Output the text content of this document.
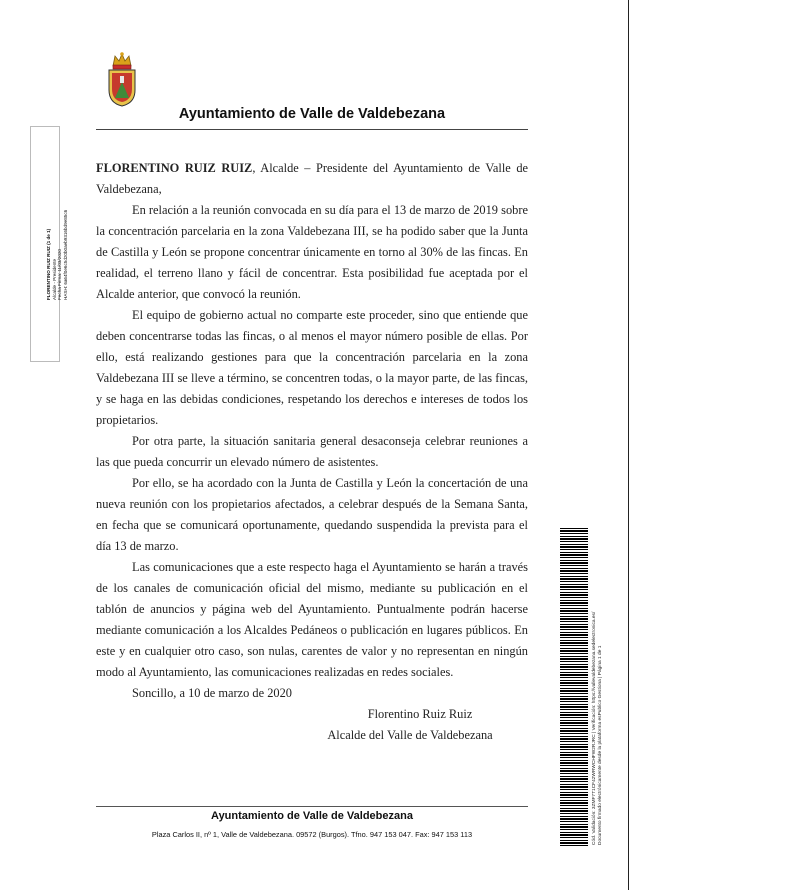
Ayuntamiento de Valle de Valdebezana

FLORENTINO RUIZ RUIZ, Alcalde – Presidente del Ayuntamiento de Valle de Valdebezana,

En relación a la reunión convocada en su día para el 13 de marzo de 2019 sobre la concentración parcelaria en la zona Valdebezana III, se ha podido saber que la Junta de Castilla y León se propone concentrar únicamente en torno al 30% de las fincas. En realidad, el terreno llano y fácil de concentrar. Esta posibilidad fue aceptada por el Alcalde anterior, que convocó la reunión.

El equipo de gobierno actual no comparte este proceder, sino que entiende que deben concentrarse todas las fincas, o al menos el mayor número posible de ellas. Por ello, está realizando gestiones para que la concentración parcelaria en la zona Valdebezana III se lleve a término, se concentren todas, o la mayor parte, de las fincas, y se haga en las debidas condiciones, respetando los derechos e intereses de todos los propietarios.

Por otra parte, la situación sanitaria general desaconseja celebrar reuniones a las que pueda concurrir un elevado número de asistentes.

Por ello, se ha acordado con la Junta de Castilla y León la concertación de una nueva reunión con los propietarios afectados, a celebrar después de la Semana Santa, en fecha que se comunicará oportunamente, quedando suspendida la prevista para el día 13 de marzo.

Las comunicaciones que a este respecto haga el Ayuntamiento se harán a través de los canales de comunicación oficial del mismo, mediante su publicación en el tablón de anuncios y página web del Ayuntamiento. Puntualmente podrán hacerse mediante comunicación a los Alcaldes Pedáneos o publicación en lugares públicos. En este y en cualquier otro caso, son nulas, carentes de valor y no representan en ningún modo al Ayuntamiento, las comunicaciones realizadas en redes sociales.

Soncillo, a 10 de marzo de 2020

Florentino Ruiz Ruiz

Alcalde del Valle de Valdebezana

Ayuntamiento de Valle de Valdebezana
Plaza Carlos II, nº 1, Valle de Valdebezana. 09572 (Burgos). Tfno. 947 153 047. Fax: 947 153 113
FLORENTINO RUIZ RUIZ (1 de 1) Alcalde - Presidente Fecha Firma: 11/03/2020 HASH: 6a64f0e6c5d20b0aeb9316bd9e85c6
Cód. Validación: 3ZMF7T1CF42WRWCHFW2RJRC | Verificación: https://vallevaldebezana.sedelectronica.es/ Documento firmado electrónicamente desde la plataforma esPublico Gestiona | Página 1 de 1
